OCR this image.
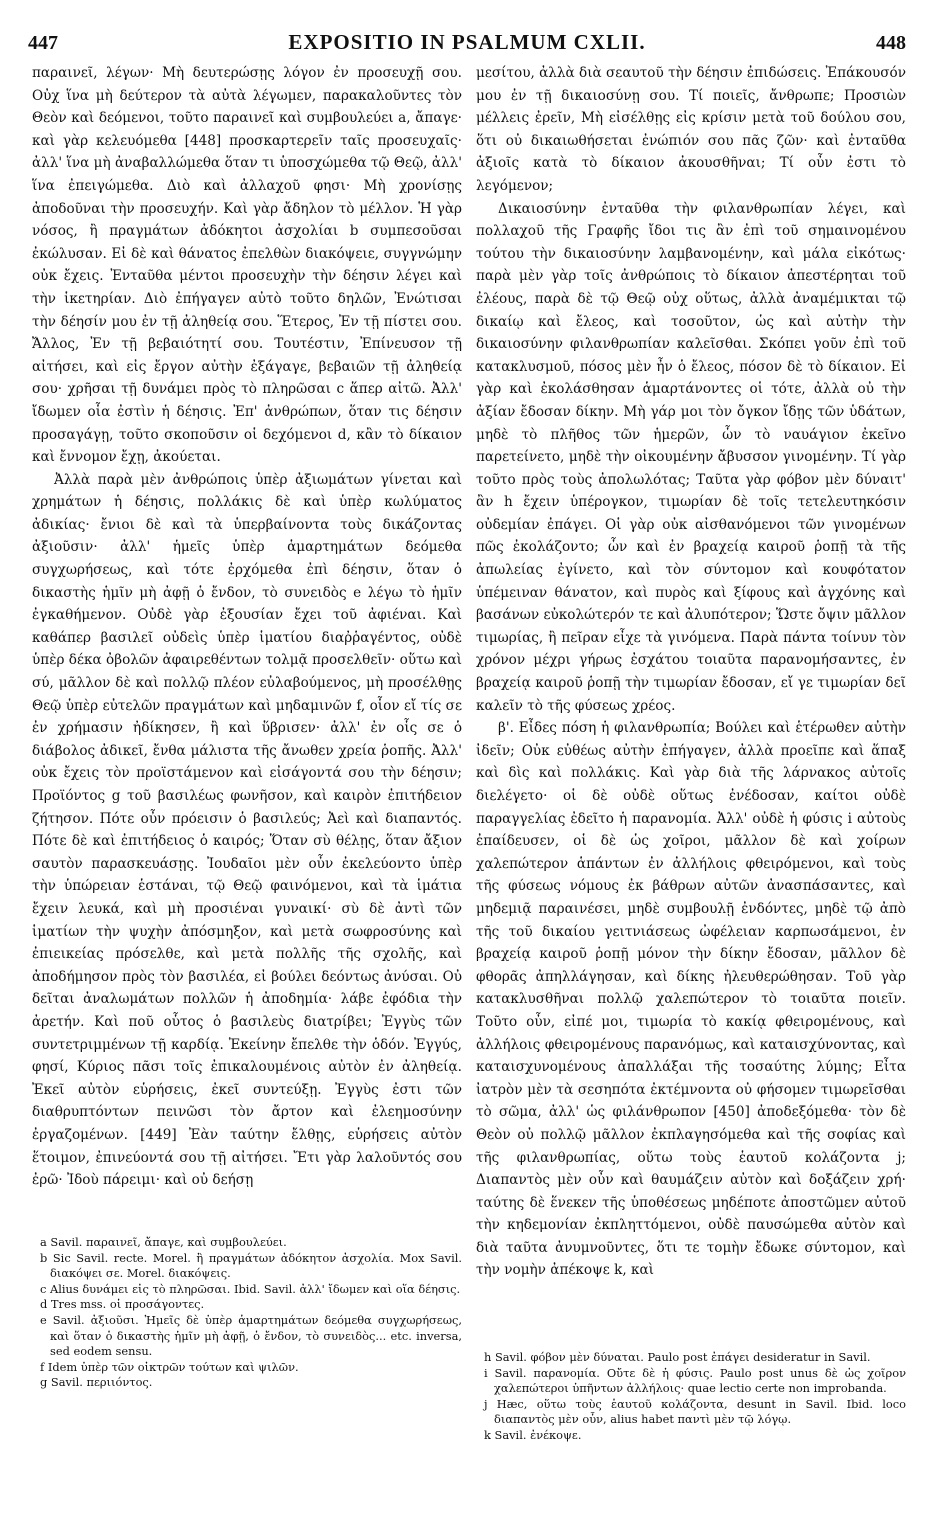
447	EXPOSITIO IN PSALMUM CXLII.	448

παραινεῖ, λέγων· Μὴ δευτερώσῃς λόγον ἐν προσευχῇ σου. Οὐχ ἵνα μὴ δεύτερον τὰ αὐτὰ λέγωμεν, παρακαλοῦντες τὸν Θεὸν καὶ δεόμενοι, τοῦτο παραινεῖ καὶ συμβουλεύει a, ἄπαγε· καὶ γὰρ κελευόμεθα [448] προσκαρτερεῖν ταῖς προσευχαῖς· ἀλλ' ἵνα μὴ ἀναβαλλώμεθα ὅταν τι ὑποσχώμεθα τῷ Θεῷ, ἀλλ' ἵνα ἐπειγώμεθα. Διὸ καὶ ἀλλαχοῦ φησι· Μὴ χρονίσῃς ἀποδοῦναι τὴν προσευχήν. Καὶ γὰρ ἄδηλον τὸ μέλλον. Ἡ γὰρ νόσος, ἢ πραγμάτων ἀδόκητοι ἀσχολίαι b συμπεσοῦσαι ἐκώλυσαν. Εἰ δὲ καὶ θάνατος ἐπελθὼν διακόψειε, συγγνώμην οὐκ ἔχεις. Ἐνταῦθα μέντοι προσευχὴν τὴν δέησιν λέγει καὶ τὴν ἱκετηρίαν. Διὸ ἐπήγαγεν αὐτὸ τοῦτο δηλῶν, Ἐνώτισαι τὴν δέησίν μου ἐν τῇ ἀληθείᾳ σου. Ἕτερος, Ἐν τῇ πίστει σου. Ἄλλος, Ἐν τῇ βεβαιότητί σου. Τουτέστιν, Ἐπίνευσον τῇ αἰτήσει, καὶ εἰς ἔργον αὐτὴν ἐξάγαγε, βεβαιῶν τῇ ἀληθείᾳ σου· χρῆσαι τῇ δυνάμει πρὸς τὸ πληρῶσαι c ἅπερ αἰτῶ. Ἀλλ' ἴδωμεν οἷα ἐστὶν ἡ δέησις. Ἐπ' ἀνθρώπων, ὅταν τις δέησιν προσαγάγῃ, τοῦτο σκοποῦσιν οἱ δεχόμενοι d, κἂν τὸ δίκαιον καὶ ἔννομον ἔχῃ, ἀκούεται.

Ἀλλὰ παρὰ μὲν ἀνθρώποις ὑπὲρ ἀξιωμάτων γίνεται καὶ χρημάτων ἡ δέησις, πολλάκις δὲ καὶ ὑπὲρ κωλύματος ἀδικίας· ἔνιοι δὲ καὶ τὰ ὑπερβαίνοντα τοὺς δικάζοντας ἀξιοῦσιν· ἀλλ' ἡμεῖς ὑπὲρ ἁμαρτημάτων δεόμεθα συγχωρήσεως, καὶ τότε ἐρχόμεθα ἐπὶ δέησιν, ὅταν ὁ δικαστὴς ἡμῖν μὴ ἀφῇ ὁ ἔνδον, τὸ συνειδὸς e λέγω τὸ ἡμῖν ἐγκαθήμενον. Οὐδὲ γὰρ ἐξουσίαν ἔχει τοῦ ἀφιέναι. Καὶ καθάπερ βασιλεῖ οὐδεὶς ὑπὲρ ἱματίου διαῤῥαγέντος, οὐδὲ ὑπὲρ δέκα ὀβολῶν ἀφαιρεθέντων τολμᾷ προσελθεῖν· οὕτω καὶ σύ, μᾶλλον δὲ καὶ πολλῷ πλέον εὐλαβούμενος, μὴ προσέλθῃς Θεῷ ὑπὲρ εὐτελῶν πραγμάτων καὶ μηδαμινῶν f, οἷον εἴ τίς σε ἐν χρήμασιν ἠδίκησεν, ἢ καὶ ὕβρισεν· ἀλλ' ἐν οἷς σε ὁ διάβολος ἀδικεῖ, ἔνθα μάλιστα τῆς ἄνωθεν χρεία ῥοπῆς. Ἀλλ' οὐκ ἔχεις τὸν προϊστάμενον καὶ εἰσάγοντά σου τὴν δέησιν; Προϊόντος g τοῦ βασιλέως φωνῆσον, καὶ καιρὸν ἐπιτήδειον ζήτησον. Πότε οὖν πρόεισιν ὁ βασιλεύς; Ἀεὶ καὶ διαπαντός. Πότε δὲ καὶ ἐπιτήδειος ὁ καιρός; Ὅταν σὺ θέλῃς, ὅταν ἄξιον σαυτὸν παρασκευάσῃς. Ἰουδαῖοι μὲν οὖν ἐκελεύοντο ὑπὲρ τὴν ὑπώρειαν ἑστάναι, τῷ Θεῷ φαινόμενοι, καὶ τὰ ἱμάτια ἔχειν λευκά, καὶ μὴ προσιέναι γυναικί· σὺ δὲ ἀντὶ τῶν ἱματίων τὴν ψυχὴν ἀπόσμηξον, καὶ μετὰ σωφροσύνης καὶ ἐπιεικείας πρόσελθε, καὶ μετὰ πολλῆς τῆς σχολῆς, καὶ ἀποδήμησον πρὸς τὸν βασιλέα, εἰ βούλει δεόντως ἀνύσαι. Οὐ δεῖται ἀναλωμάτων πολλῶν ἡ ἀποδημία· λάβε ἐφόδια τὴν ἀρετήν. Καὶ ποῦ οὗτος ὁ βασιλεὺς διατρίβει; Ἐγγὺς τῶν συντετριμμένων τῇ καρδίᾳ. Ἐκείνην ἔπελθε τὴν ὁδόν. Ἐγγύς, φησί, Κύριος πᾶσι τοῖς ἐπικαλουμένοις αὐτὸν ἐν ἀληθείᾳ. Ἐκεῖ αὐτὸν εὑρήσεις, ἐκεῖ συντεύξῃ. Ἐγγὺς ἐστι τῶν διαθρυπτόντων πεινῶσι τὸν ἄρτον καὶ ἐλεημοσύνην ἐργαζομένων. [449] Ἐὰν ταύτην ἔλθῃς, εὑρήσεις αὐτὸν ἕτοιμον, ἐπινεύοντά σου τῇ αἰτήσει. Ἔτι γὰρ λαλοῦντός σου ἐρῶ· Ἰδοὺ πάρειμι· καὶ οὐ δεήσῃ

μεσίτου, ἀλλὰ διὰ σεαυτοῦ τὴν δέησιν ἐπιδώσεις. Ἐπάκουσόν μου ἐν τῇ δικαιοσύνῃ σου. Τί ποιεῖς, ἄνθρωπε; Προσιὼν μέλλεις ἐρεῖν, Μὴ εἰσέλθῃς εἰς κρίσιν μετὰ τοῦ δούλου σου, ὅτι οὐ δικαιωθήσεται ἐνώπιόν σου πᾶς ζῶν· καὶ ἐνταῦθα ἀξιοῖς κατὰ τὸ δίκαιον ἀκουσθῆναι; Τί οὖν ἐστι τὸ λεγόμενον;

Δικαιοσύνην ἐνταῦθα τὴν φιλανθρωπίαν λέγει, καὶ πολλαχοῦ τῆς Γραφῆς ἴδοι τις ἂν ἐπὶ τοῦ σημαινομένου τούτου τὴν δικαιοσύνην λαμβανομένην, καὶ μάλα εἰκότως· παρὰ μὲν γὰρ τοῖς ἀνθρώποις τὸ δίκαιον ἀπεστέρηται τοῦ ἐλέους, παρὰ δὲ τῷ Θεῷ οὐχ οὕτως, ἀλλὰ ἀναμέμικται τῷ δικαίῳ καὶ ἔλεος, καὶ τοσοῦτον, ὡς καὶ αὐτὴν τὴν δικαιοσύνην φιλανθρωπίαν καλεῖσθαι. Σκόπει γοῦν ἐπὶ τοῦ κατακλυσμοῦ, πόσος μὲν ἦν ὁ ἔλεος, πόσον δὲ τὸ δίκαιον. Εἰ γὰρ καὶ ἐκολάσθησαν ἁμαρτάνοντες οἱ τότε, ἀλλὰ οὐ τὴν ἀξίαν ἔδοσαν δίκην. Μὴ γάρ μοι τὸν ὄγκον ἴδῃς τῶν ὑδάτων, μηδὲ τὸ πλῆθος τῶν ἡμερῶν, ὧν τὸ ναυάγιον ἐκεῖνο παρετείνετο, μηδὲ τὴν οἰκουμένην ἄβυσσον γινομένην. Τί γὰρ τοῦτο πρὸς τοὺς ἀπολωλότας; Ταῦτα γὰρ φόβον μὲν δύναιτ' ἂν h ἔχειν ὑπέρογκον, τιμωρίαν δὲ τοῖς τετελευτηκόσιν οὐδεμίαν ἐπάγει. Οἱ γὰρ οὐκ αἰσθανόμενοι τῶν γινομένων πῶς ἐκολάζοντο; ὧν καὶ ἐν βραχείᾳ καιροῦ ῥοπῇ τὰ τῆς ἀπωλείας ἐγίνετο, καὶ τὸν σύντομον καὶ κουφότατον ὑπέμειναν θάνατον, καὶ πυρὸς καὶ ξίφους καὶ ἀγχόνης καὶ βασάνων εὐκολώτερόν τε καὶ ἀλυπότερον; Ὥστε ὄψιν μᾶλλον τιμωρίας, ἢ πεῖραν εἶχε τὰ γινόμενα. Παρὰ πάντα τοίνυν τὸν χρόνον μέχρι γήρως ἐσχάτου τοιαῦτα παρανομήσαντες, ἐν βραχείᾳ καιροῦ ῥοπῇ τὴν τιμωρίαν ἔδοσαν, εἴ γε τιμωρίαν δεῖ καλεῖν τὸ τῆς φύσεως χρέος.

β'. Εἶδες πόση ἡ φιλανθρωπία; Βούλει καὶ ἑτέρωθεν αὐτὴν ἰδεῖν; Οὐκ εὐθέως αὐτὴν ἐπήγαγεν, ἀλλὰ προεῖπε καὶ ἅπαξ καὶ δὶς καὶ πολλάκις. Καὶ γὰρ διὰ τῆς λάρνακος αὐτοῖς διελέγετο· οἱ δὲ οὐδὲ οὕτως ἐνέδοσαν, καίτοι οὐδὲ παραγγελίας ἐδεῖτο ἡ παρανομία. Ἀλλ' οὐδὲ ἡ φύσις i αὐτοὺς ἐπαίδευσεν, οἱ δὲ ὡς χοῖροι, μᾶλλον δὲ καὶ χοίρων χαλεπώτερον ἁπάντων ἐν ἀλλήλοις φθειρόμενοι, καὶ τοὺς τῆς φύσεως νόμους ἐκ βάθρων αὐτῶν ἀνασπάσαντες, καὶ μηδεμιᾷ παραινέσει, μηδὲ συμβουλῇ ἐνδόντες, μηδὲ τῷ ἀπὸ τῆς τοῦ δικαίου γειτνιάσεως ὠφέλειαν καρπωσάμενοι, ἐν βραχείᾳ καιροῦ ῥοπῇ μόνον τὴν δίκην ἔδοσαν, μᾶλλον δὲ φθορᾶς ἀπηλλάγησαν, καὶ δίκης ἠλευθερώθησαν. Τοῦ γὰρ κατακλυσθῆναι πολλῷ χαλεπώτερον τὸ τοιαῦτα ποιεῖν. Τοῦτο οὖν, εἰπέ μοι, τιμωρία τὸ κακίᾳ φθειρομένους, καὶ ἀλλήλοις φθειρομένους παρανόμως, καὶ καταισχύνοντας, καὶ καταισχυνομένους ἀπαλλάξαι τῆς τοσαύτης λύμης; Εἶτα ἰατρὸν μὲν τὰ σεσηπότα ἐκτέμνοντα οὐ φήσομεν τιμωρεῖσθαι τὸ σῶμα, ἀλλ' ὡς φιλάνθρωπον [450] ἀποδεξόμεθα· τὸν δὲ Θεὸν οὐ πολλῷ μᾶλλον ἐκπλαγησόμεθα καὶ τῆς σοφίας καὶ τῆς φιλανθρωπίας, οὕτω τοὺς ἑαυτοῦ κολάζοντα j; Διαπαντὸς μὲν οὖν καὶ θαυμάζειν αὐτὸν καὶ δοξάζειν χρή· ταύτης δὲ ἕνεκεν τῆς ὑποθέσεως μηδέποτε ἀποστῶμεν αὐτοῦ τὴν κηδεμονίαν ἐκπληττόμενοι, οὐδὲ παυσώμεθα αὐτὸν καὶ διὰ ταῦτα ἀνυμνοῦντες, ὅτι τε τομὴν ἔδωκε σύντομον, καὶ τὴν νομὴν ἀπέκοψε k, καὶ

a Savil. παραινεῖ, ἄπαγε, καὶ συμβουλεύει.

b Sic Savil. recte. Morel. ἢ πραγμάτων ἀδόκητον ἀσχολία. Mox Savil. διακόψει σε. Morel. διακόψεις.

c Alius δυνάμει εἰς τὸ πληρῶσαι. Ibid. Savil. ἀλλ' ἴδωμεν καὶ οἵα δέησις.

d Tres mss. οἱ προσάγοντες.

e Savil. ἀξιοῦσι. Ἡμεῖς δὲ ὑπὲρ ἁμαρτημάτων δεόμεθα συγχωρήσεως, καὶ ὅταν ὁ δικαστὴς ἡμῖν μὴ ἀφῇ, ὁ ἔνδον, τὸ συνειδὸς... etc. inversa, sed eodem sensu.

f Idem ὑπὲρ τῶν οἰκτρῶν τούτων καὶ ψιλῶν.

g Savil. περιιόντος.

h Savil. φόβον μὲν δύναται. Paulo post ἐπάγει desideratur in Savil.

i Savil. παρανομία. Οὔτε δὲ ἡ φύσις. Paulo post unus δὲ ὡς χοῖρον χαλεπώτεροι ὑπῆντων ἀλλήλοις· quae lectio certe non improbanda.

j Hæc, οὕτω τοὺς ἑαυτοῦ κολάζοντα, desunt in Savil. Ibid. loco διαπαντὸς μὲν οὖν, alius habet παντὶ μὲν τῷ λόγῳ.

k Savil. ἐνέκοψε.
